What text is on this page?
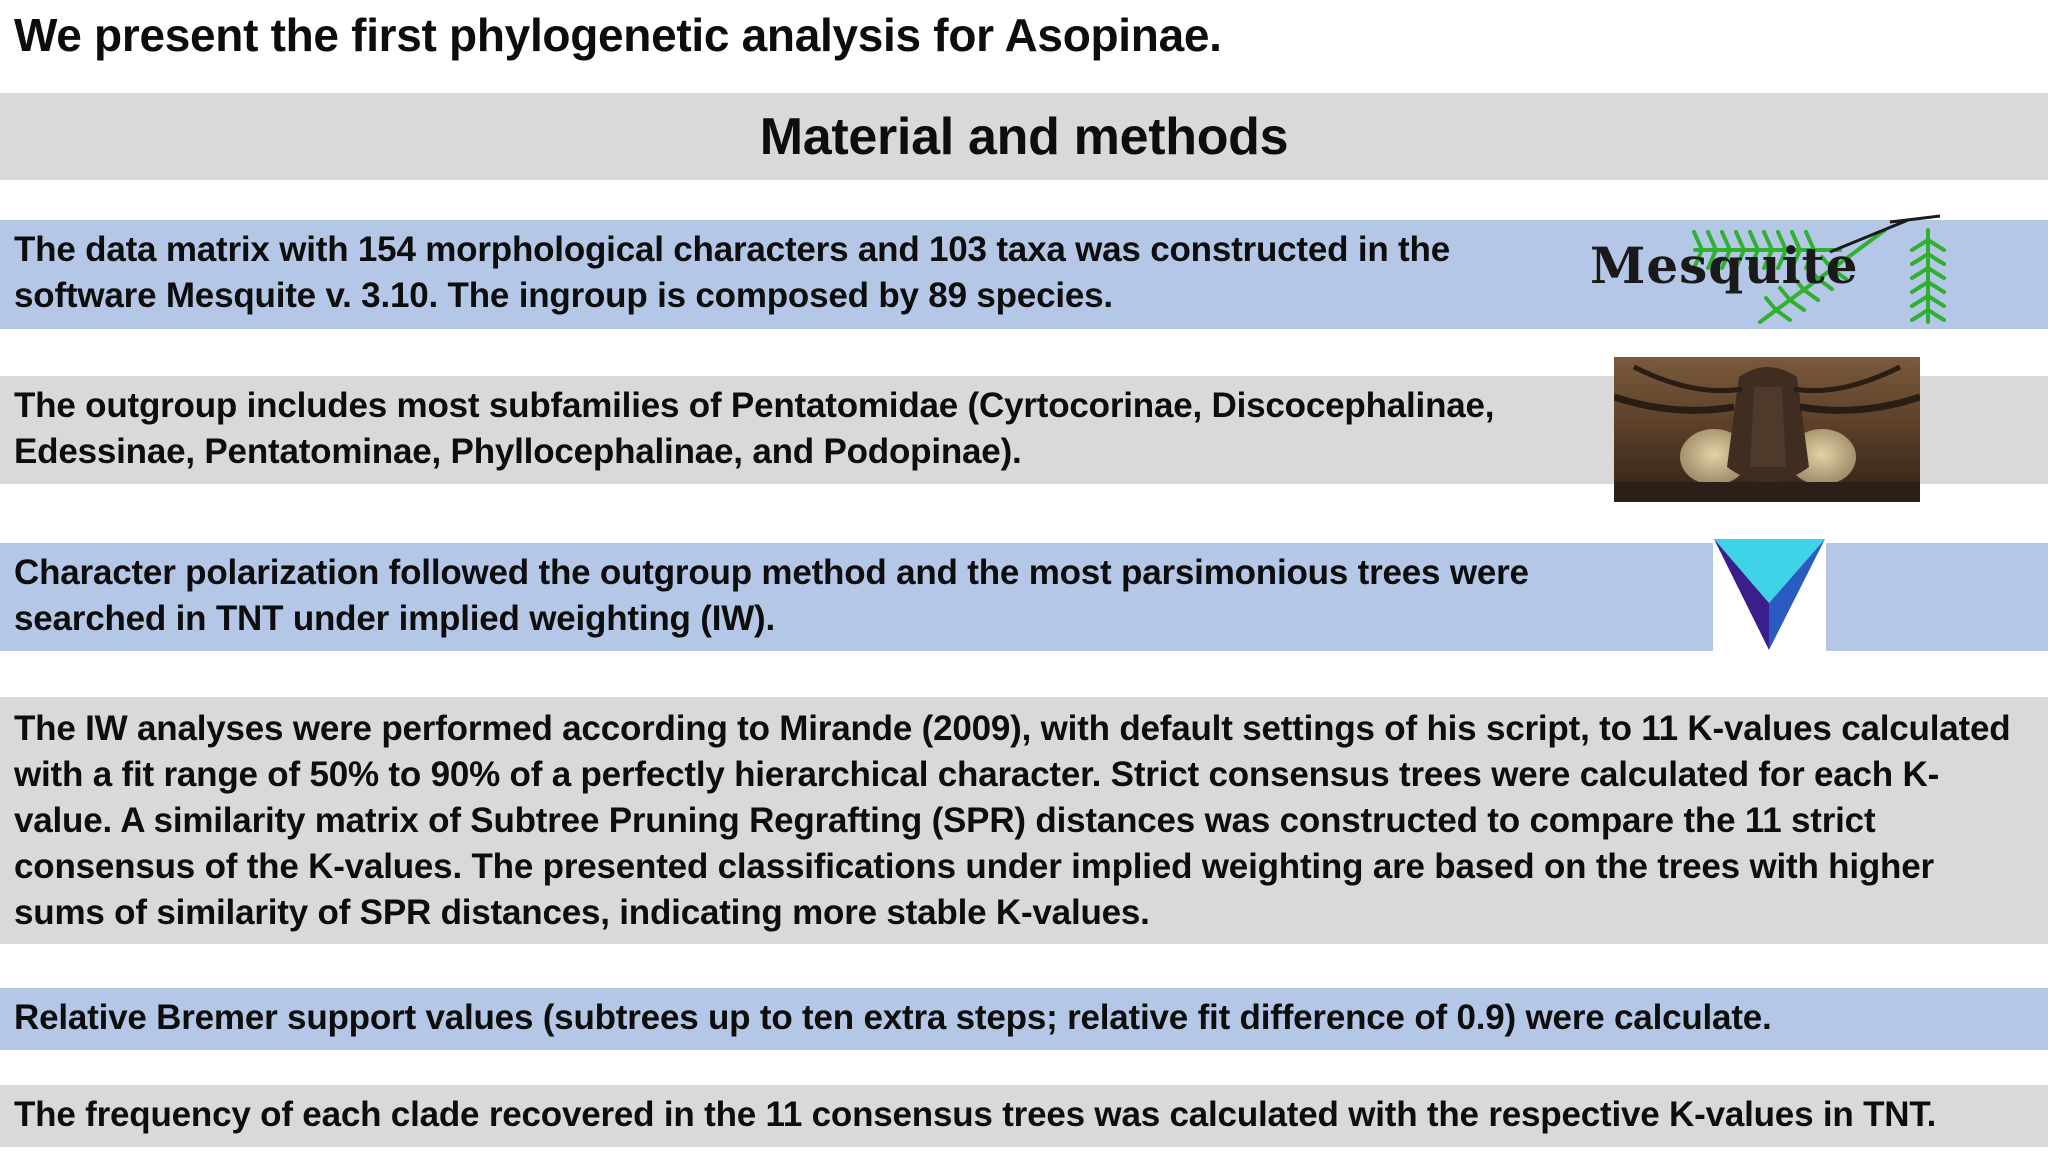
We present the first phylogenetic analysis for Asopinae.
Material and methods
The data matrix with 154 morphological characters and 103 taxa was constructed in the software Mesquite v. 3.10. The ingroup is composed by 89 species.
Mesquite
The outgroup includes most subfamilies of Pentatomidae (Cyrtocorinae, Discocephalinae, Edessinae, Pentatominae, Phyllocephalinae, and Podopinae).
Character polarization followed the outgroup method and the most parsimonious trees were searched in TNT under implied weighting (IW).
The IW analyses were performed according to Mirande (2009), with default settings of his script, to 11 K-values calculated with a fit range of 50% to 90% of a perfectly hierarchical character. Strict consensus trees were calculated for each K-value. A similarity matrix of Subtree Pruning Regrafting (SPR) distances was constructed to compare the 11 strict consensus of the K-values. The presented classifications under implied weighting are based on the trees with higher sums of similarity of SPR distances, indicating more stable K-values.
Relative Bremer support values (subtrees up to ten extra steps; relative fit difference of 0.9) were calculate.
The frequency of each clade recovered in the 11 consensus trees was calculated with the respective K-values in TNT.
